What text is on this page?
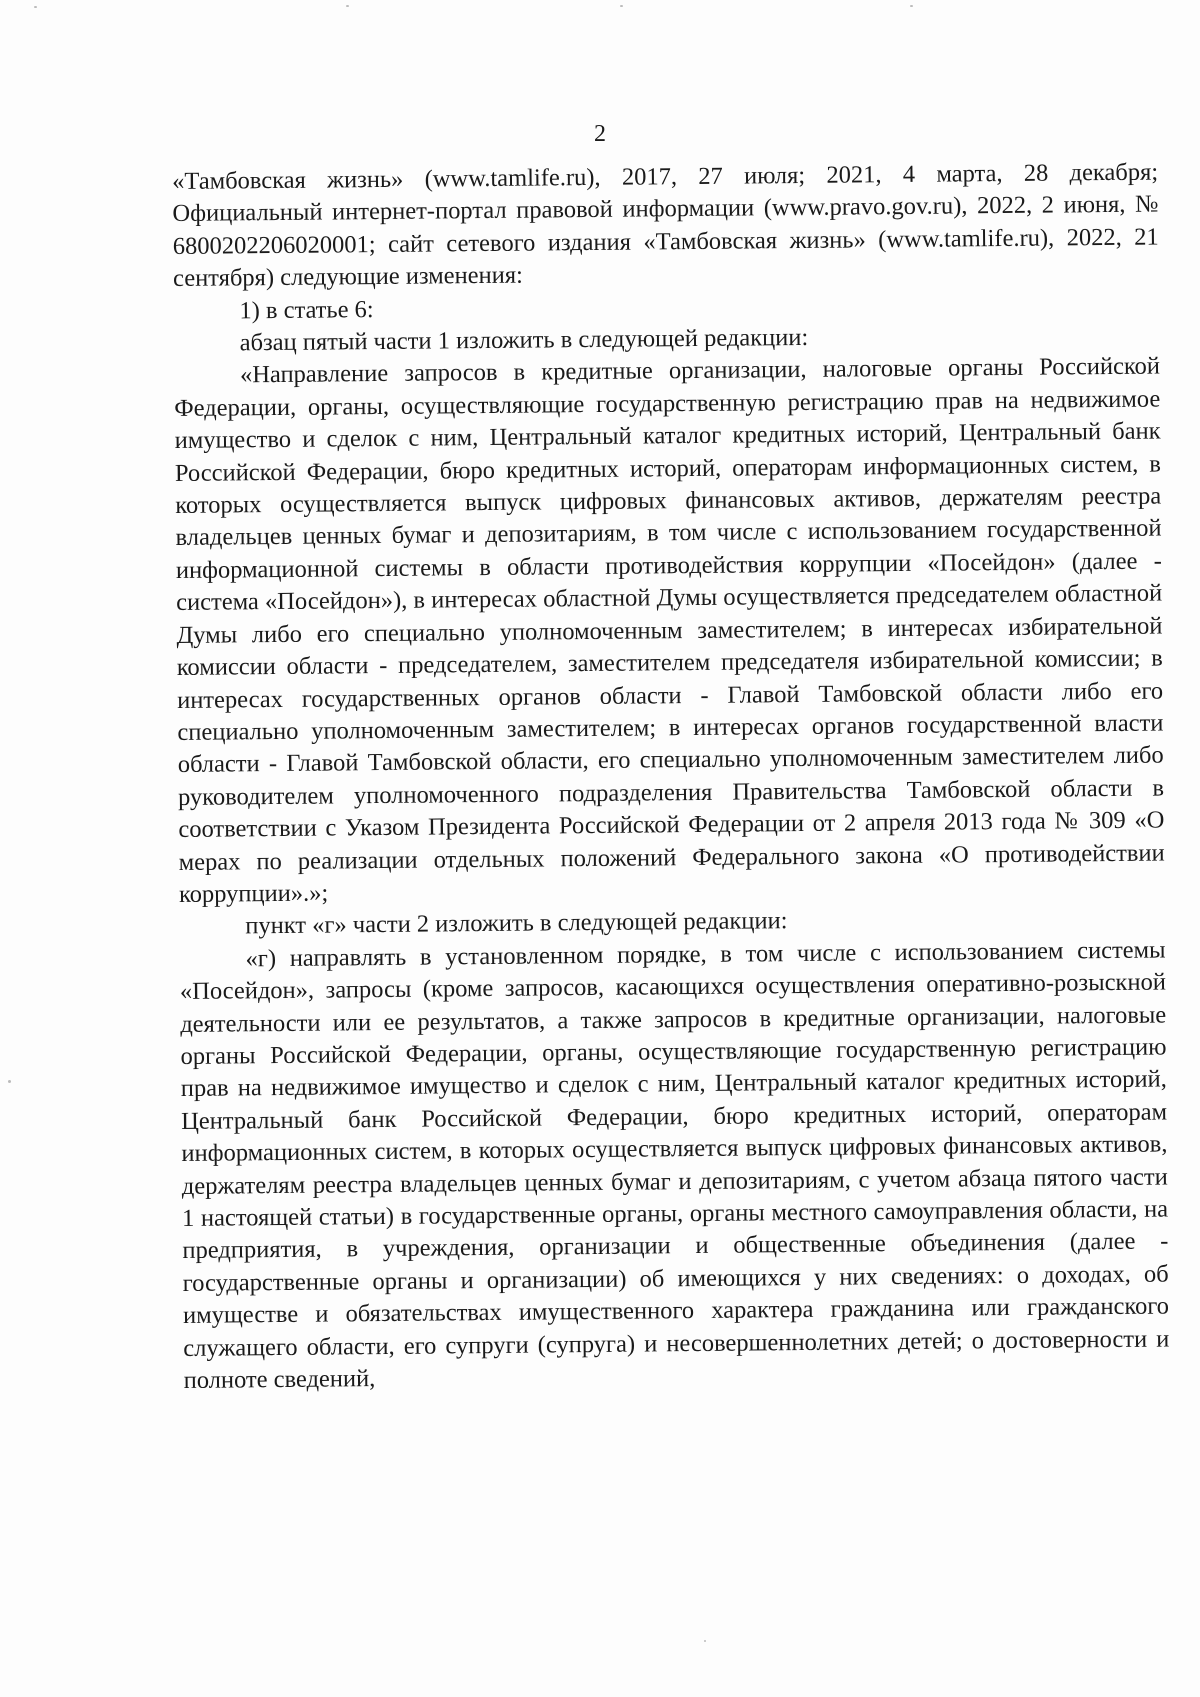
2

«Тамбовская жизнь» (www.tamlife.ru), 2017, 27 июля; 2021, 4 марта, 28 декабря; Официальный интернет-портал правовой информации (www.pravo.gov.ru), 2022, 2 июня, № 6800202206020001; сайт сетевого издания «Тамбовская жизнь» (www.tamlife.ru), 2022, 21 сентября) следующие изменения:

1) в статье 6:

абзац пятый части 1 изложить в следующей редакции:

«Направление запросов в кредитные организации, налоговые органы Российской Федерации, органы, осуществляющие государственную регистрацию прав на недвижимое имущество и сделок с ним, Центральный каталог кредитных историй, Центральный банк Российской Федерации, бюро кредитных историй, операторам информационных систем, в которых осуществляется выпуск цифровых финансовых активов, держателям реестра владельцев ценных бумаг и депозитариям, в том числе с использованием государственной информационной системы в области противодействия коррупции «Посейдон» (далее - система «Посейдон»), в интересах областной Думы осуществляется председателем областной Думы либо его специально уполномоченным заместителем; в интересах избирательной комиссии области - председателем, заместителем председателя избирательной комиссии; в интересах государственных органов области - Главой Тамбовской области либо его специально уполномоченным заместителем; в интересах органов государственной власти области - Главой Тамбовской области, его специально уполномоченным заместителем либо руководителем уполномоченного подразделения Правительства Тамбовской области в соответствии с Указом Президента Российской Федерации от 2 апреля 2013 года № 309 «О мерах по реализации отдельных положений Федерального закона «О противодействии коррупции».»;

пункт «г» части 2 изложить в следующей редакции:

«г) направлять в установленном порядке, в том числе с использованием системы «Посейдон», запросы (кроме запросов, касающихся осуществления оперативно-розыскной деятельности или ее результатов, а также запросов в кредитные организации, налоговые органы Российской Федерации, органы, осуществляющие государственную регистрацию прав на недвижимое имущество и сделок с ним, Центральный каталог кредитных историй, Центральный банк Российской Федерации, бюро кредитных историй, операторам информационных систем, в которых осуществляется выпуск цифровых финансовых активов, держателям реестра владельцев ценных бумаг и депозитариям, с учетом абзаца пятого части 1 настоящей статьи) в государственные органы, органы местного самоуправления области, на предприятия, в учреждения, организации и общественные объединения (далее - государственные органы и организации) об имеющихся у них сведениях: о доходах, об имуществе и обязательствах имущественного характера гражданина или гражданского служащего области, его супруги (супруга) и несовершеннолетних детей; о достоверности и полноте сведений,
